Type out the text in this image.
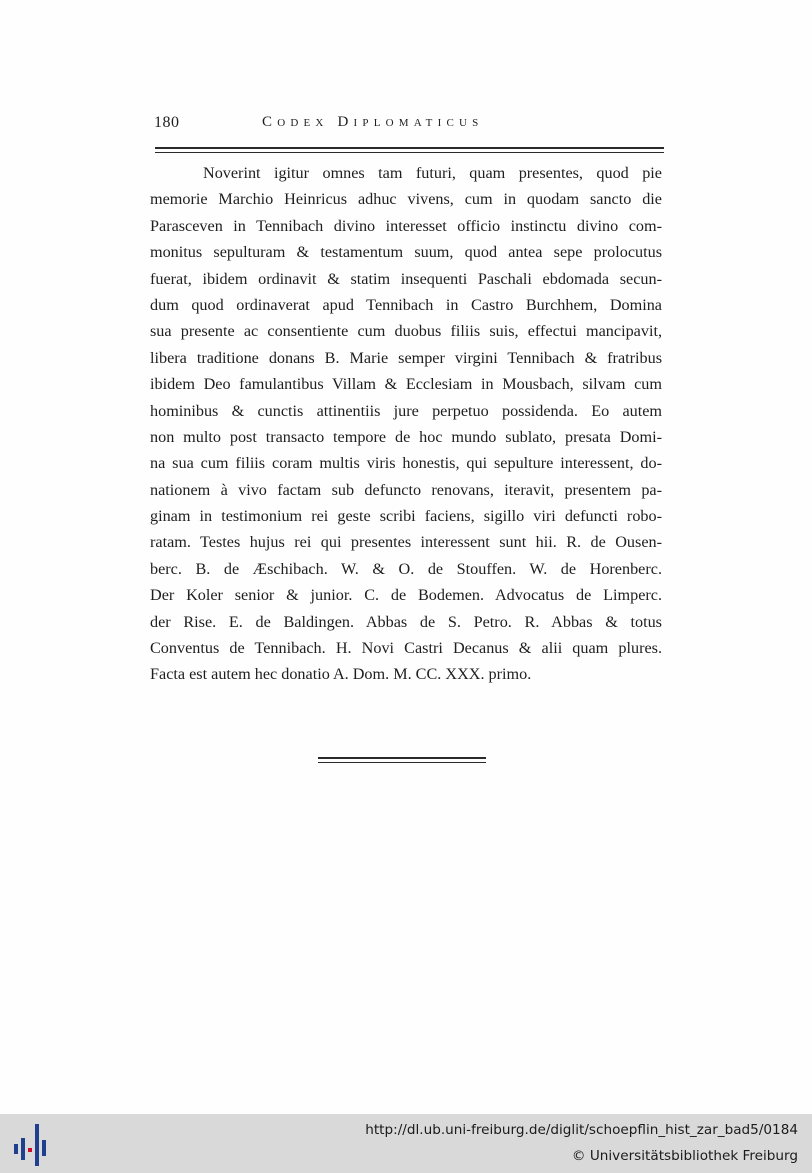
180	Codex Diplomaticus
Noverint igitur omnes tam futuri, quam presentes, quod pie
memorie Marchio Heinricus adhuc vivens, cum in quodam sancto die
Parasceven in Tennibach divino interesset officio instinctu divino com-
monitus sepulturam & testamentum suum, quod antea sepe prolocutus
fuerat, ibidem ordinavit & statim insequenti Paschali ebdomada secun-
dum quod ordinaverat apud Tennibach in Castro Burchhem, Domina
sua presente ac consentiente cum duobus filiis suis, effectui mancipavit,
libera traditione donans B. Marie semper virgini Tennibach & fratribus
ibidem Deo famulantibus Villam & Ecclesiam in Mousbach, silvam cum
hominibus & cunctis attinentiis jure perpetuo possidenda. Eo autem
non multo post transacto tempore de hoc mundo sublato, presata Domi-
na sua cum filiis coram multis viris honestis, qui sepulture interessent, do-
nationem à vivo factam sub defuncto renovans, iteravit, presentem pa-
ginam in testimonium rei geste scribi faciens, sigillo viri defuncti robo-
ratam. Testes hujus rei qui presentes interessent sunt hii. R. de Ousen-
berc. B. de Æschibach. W. & O. de Stouffen. W. de Horenberc.
Der Koler senior & junior. C. de Bodemen. Advocatus de Limperc.
der Rise. E. de Baldingen. Abbas de S. Petro. R. Abbas & totus
Conventus de Tennibach. H. Novi Castri Decanus & alii quam plures.
Facta est autem hec donatio A. Dom. M. CC. XXX. primo.
http://dl.ub.uni-freiburg.de/diglit/schoepflin_hist_zar_bad5/0184
© Universitätsbibliothek Freiburg
